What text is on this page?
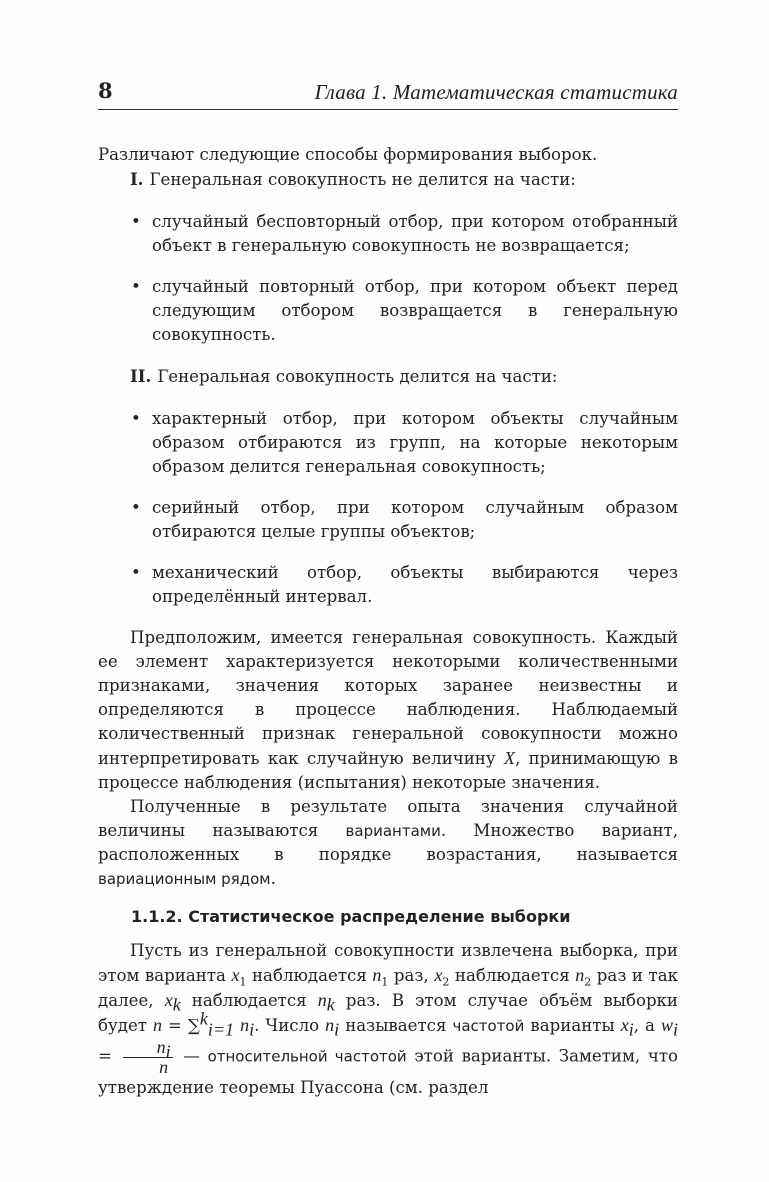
8	Глава 1. Математическая статистика

Различают следующие способы формирования выборок.

I. Генеральная совокупность не делится на части:

• случайный бесповторный отбор, при котором отобранный объект в генеральную совокупность не возвращается;
• случайный повторный отбор, при котором объект перед следующим отбором возвращается в генеральную совокупность.

II. Генеральная совокупность делится на части:

• характерный отбор, при котором объекты случайным образом отбираются из групп, на которые некоторым образом делится генеральная совокупность;
• серийный отбор, при котором случайным образом отбираются целые группы объектов;
• механический отбор, объекты выбираются через определённый интервал.

Предположим, имеется генеральная совокупность. Каждый ее элемент характеризуется некоторыми количественными признаками, значения которых заранее неизвестны и определяются в процессе наблюдения. Наблюдаемый количественный признак генеральной совокупности можно интерпретировать как случайную величину X, принимающую в процессе наблюдения (испытания) некоторые значения.

Полученные в результате опыта значения случайной величины называются вариантами. Множество вариант, расположенных в порядке возрастания, называется вариационным рядом.

1.1.2. Статистическое распределение выборки

Пусть из генеральной совокупности извлечена выборка, при этом варианта $x_1$ наблюдается $n_1$ раз, $x_2$ наблюдается $n_2$ раз и так далее, $x_k$ наблюдается $n_k$ раз. В этом случае объём выборки будет n = ∑$^k_{i=1}$ $n_i$. Число $n_i$ называется частотой варианты $x_i$, а $w_i = \frac{n_i}{n}$ — относительной частотой этой варианты. Заметим, что утверждение теоремы Пуассона (см. раздел
